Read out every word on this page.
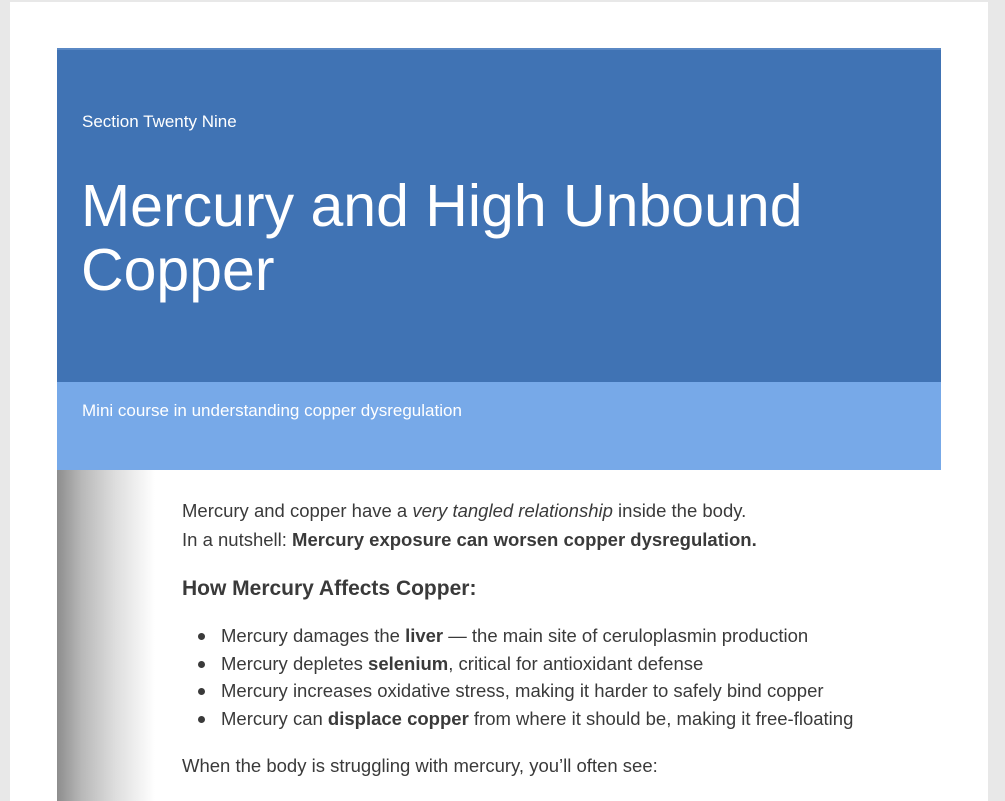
Section Twenty Nine
Mercury and High Unbound Copper
Mini course in understanding copper dysregulation

Mercury and copper have a very tangled relationship inside the body.

In a nutshell: Mercury exposure can worsen copper dysregulation.

How Mercury Affects Copper:
Mercury damages the liver — the main site of ceruloplasmin production
Mercury depletes selenium, critical for antioxidant defense
Mercury increases oxidative stress, making it harder to safely bind copper
Mercury can displace copper from where it should be, making it free-floating

When the body is struggling with mercury, you’ll often see:
